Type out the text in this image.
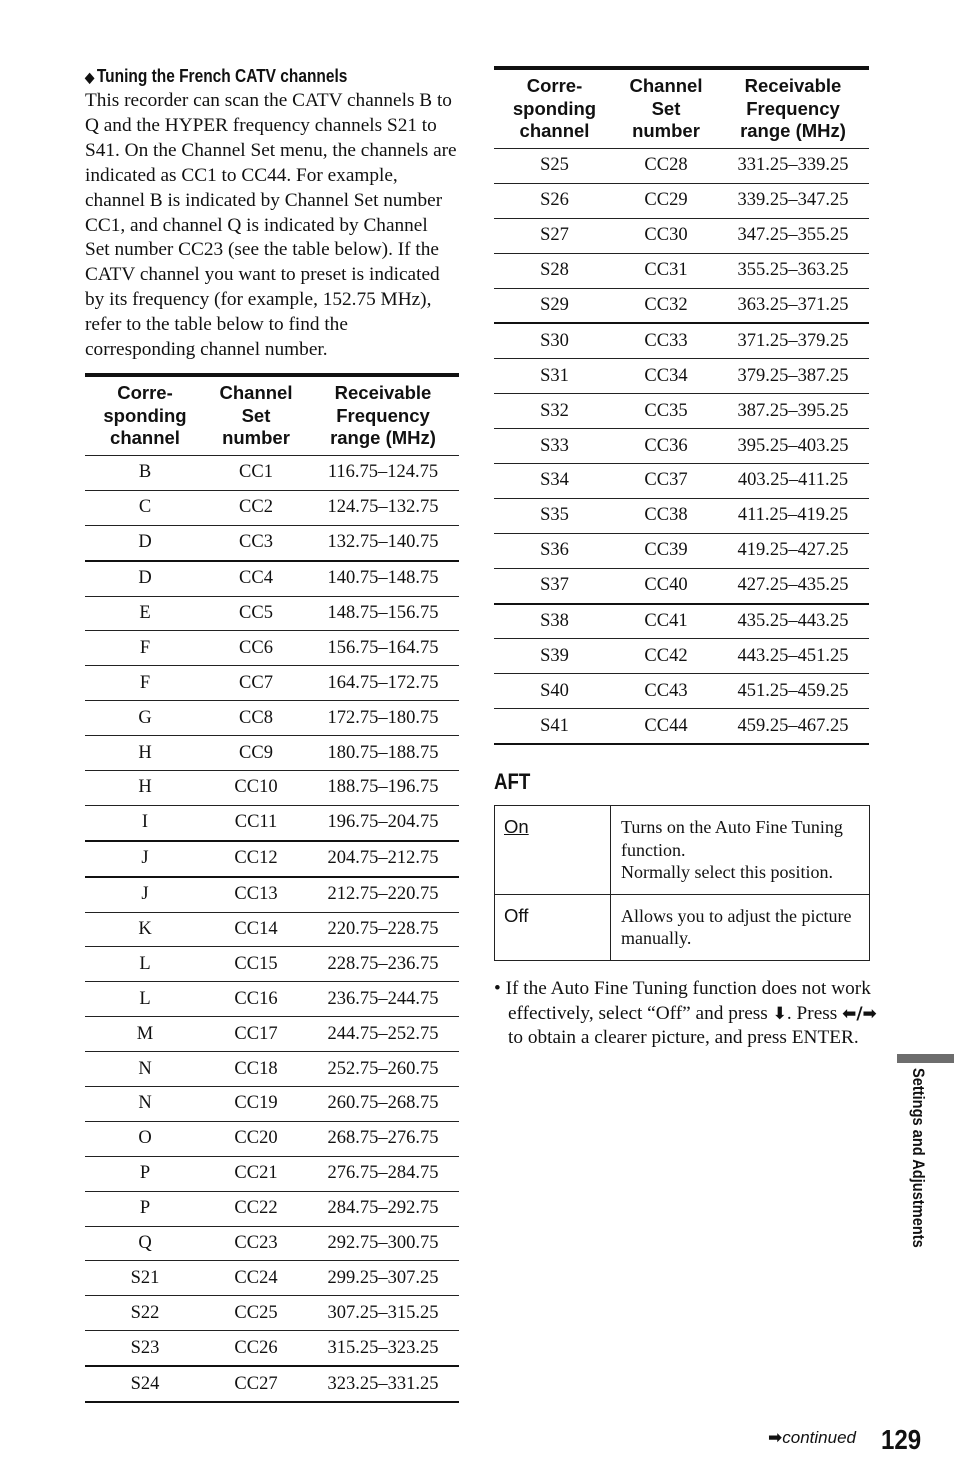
◆ Tuning the French CATV channels

This recorder can scan the CATV channels B to Q and the HYPER frequency channels S21 to S41. On the Channel Set menu, the channels are indicated as CC1 to CC44. For example, channel B is indicated by Channel Set number CC1, and channel Q is indicated by Channel Set number CC23 (see the table below). If the CATV channel you want to preset is indicated by its frequency (for example, 152.75 MHz), refer to the table below to find the corresponding channel number.

Corre-
sponding
channel	Channel
Set
number	Receivable
Frequency
range (MHz)
B	CC1	116.75–124.75
C	CC2	124.75–132.75
D	CC3	132.75–140.75
D	CC4	140.75–148.75
E	CC5	148.75–156.75
F	CC6	156.75–164.75
F	CC7	164.75–172.75
G	CC8	172.75–180.75
H	CC9	180.75–188.75
H	CC10	188.75–196.75
I	CC11	196.75–204.75
J	CC12	204.75–212.75
J	CC13	212.75–220.75
K	CC14	220.75–228.75
L	CC15	228.75–236.75
L	CC16	236.75–244.75
M	CC17	244.75–252.75
N	CC18	252.75–260.75
N	CC19	260.75–268.75
O	CC20	268.75–276.75
P	CC21	276.75–284.75
P	CC22	284.75–292.75
Q	CC23	292.75–300.75
S21	CC24	299.25–307.25
S22	CC25	307.25–315.25
S23	CC26	315.25–323.25
S24	CC27	323.25–331.25
Corre-
sponding
channel	Channel
Set
number	Receivable
Frequency
range (MHz)
S25	CC28	331.25–339.25
S26	CC29	339.25–347.25
S27	CC30	347.25–355.25
S28	CC31	355.25–363.25
S29	CC32	363.25–371.25
S30	CC33	371.25–379.25
S31	CC34	379.25–387.25
S32	CC35	387.25–395.25
S33	CC36	395.25–403.25
S34	CC37	403.25–411.25
S35	CC38	411.25–419.25
S36	CC39	419.25–427.25
S37	CC40	427.25–435.25
S38	CC41	435.25–443.25
S39	CC42	443.25–451.25
S40	CC43	451.25–459.25
S41	CC44	459.25–467.25
AFT
On	Turns on the Auto Fine Tuning function.
Normally select this position.
Off	Allows you to adjust the picture manually.

• If the Auto Fine Tuning function does not work effectively, select “Off” and press ⬇. Press ⬅/➡ to obtain a clearer picture, and press ENTER.

Settings and Adjustments
➡continued 129
